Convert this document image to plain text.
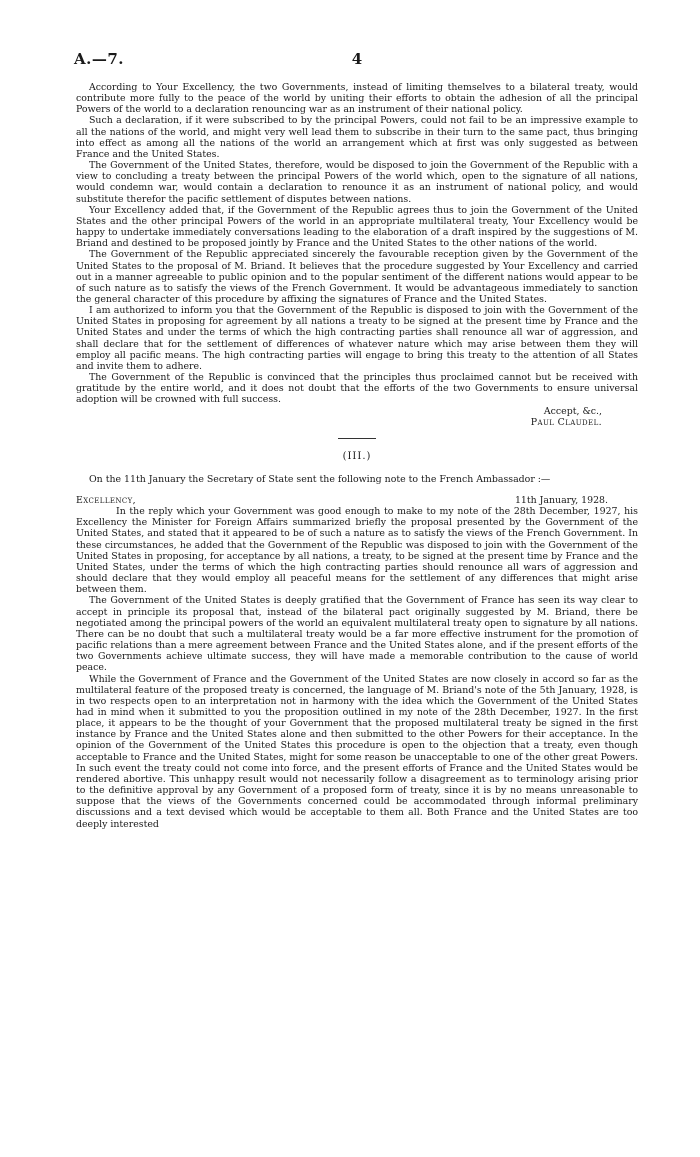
A.—7.	4

According to Your Excellency, the two Governments, instead of limiting themselves to a bilateral treaty, would contribute more fully to the peace of the world by uniting their efforts to obtain the adhesion of all the principal Powers of the world to a declaration renouncing war as an instrument of their national policy.

Such a declaration, if it were subscribed to by the principal Powers, could not fail to be an impressive example to all the nations of the world, and might very well lead them to subscribe in their turn to the same pact, thus bringing into effect as among all the nations of the world an arrangement which at first was only suggested as between France and the United States.

The Government of the United States, therefore, would be disposed to join the Government of the Republic with a view to concluding a treaty between the principal Powers of the world which, open to the signature of all nations, would condemn war, would contain a declaration to renounce it as an instrument of national policy, and would substitute therefor the pacific settlement of disputes between nations.

Your Excellency added that, if the Government of the Republic agrees thus to join the Government of the United States and the other principal Powers of the world in an appropriate multilateral treaty, Your Excellency would be happy to undertake immediately conversations leading to the elaboration of a draft inspired by the suggestions of M. Briand and destined to be proposed jointly by France and the United States to the other nations of the world.

The Government of the Republic appreciated sincerely the favourable reception given by the Government of the United States to the proposal of M. Briand. It believes that the procedure suggested by Your Excellency and carried out in a manner agreeable to public opinion and to the popular sentiment of the different nations would appear to be of such nature as to satisfy the views of the French Government. It would be advantageous immediately to sanction the general character of this procedure by affixing the signatures of France and the United States.

I am authorized to inform you that the Government of the Republic is disposed to join with the Government of the United States in proposing for agreement by all nations a treaty to be signed at the present time by France and the United States and under the terms of which the high contracting parties shall renounce all war of aggression, and shall declare that for the settlement of differences of whatever nature which may arise between them they will employ all pacific means. The high contracting parties will engage to bring this treaty to the attention of all States and invite them to adhere.

The Government of the Republic is convinced that the principles thus proclaimed cannot but be received with gratitude by the entire world, and it does not doubt that the efforts of the two Governments to ensure universal adoption will be crowned with full success.

Accept, &c.,
Paul Claudel.
(III.)

On the 11th January the Secretary of State sent the following note to the French Ambassador :—

Excellency,	11th January, 1928.

In the reply which your Government was good enough to make to my note of the 28th December, 1927, his Excellency the Minister for Foreign Affairs summarized briefly the proposal presented by the Government of the United States, and stated that it appeared to be of such a nature as to satisfy the views of the French Government. In these circumstances, he added that the Government of the Republic was disposed to join with the Government of the United States in proposing, for acceptance by all nations, a treaty, to be signed at the present time by France and the United States, under the terms of which the high contracting parties should renounce all wars of aggression and should declare that they would employ all peaceful means for the settlement of any differences that might arise between them.

The Government of the United States is deeply gratified that the Government of France has seen its way clear to accept in principle its proposal that, instead of the bilateral pact originally suggested by M. Briand, there be negotiated among the principal powers of the world an equivalent multilateral treaty open to signature by all nations. There can be no doubt that such a multilateral treaty would be a far more effective instrument for the promotion of pacific relations than a mere agreement between France and the United States alone, and if the present efforts of the two Governments achieve ultimate success, they will have made a memorable contribution to the cause of world peace.

While the Government of France and the Government of the United States are now closely in accord so far as the multilateral feature of the proposed treaty is concerned, the language of M. Briand's note of the 5th January, 1928, is in two respects open to an interpretation not in harmony with the idea which the Government of the United States had in mind when it submitted to you the proposition outlined in my note of the 28th December, 1927. In the first place, it appears to be the thought of your Government that the proposed multilateral treaty be signed in the first instance by France and the United States alone and then submitted to the other Powers for their acceptance. In the opinion of the Government of the United States this procedure is open to the objection that a treaty, even though acceptable to France and the United States, might for some reason be unacceptable to one of the other great Powers. In such event the treaty could not come into force, and the present efforts of France and the United States would be rendered abortive. This unhappy result would not necessarily follow a disagreement as to terminology arising prior to the definitive approval by any Government of a proposed form of treaty, since it is by no means unreasonable to suppose that the views of the Governments concerned could be accommodated through informal preliminary discussions and a text devised which would be acceptable to them all. Both France and the United States are too deeply interested
